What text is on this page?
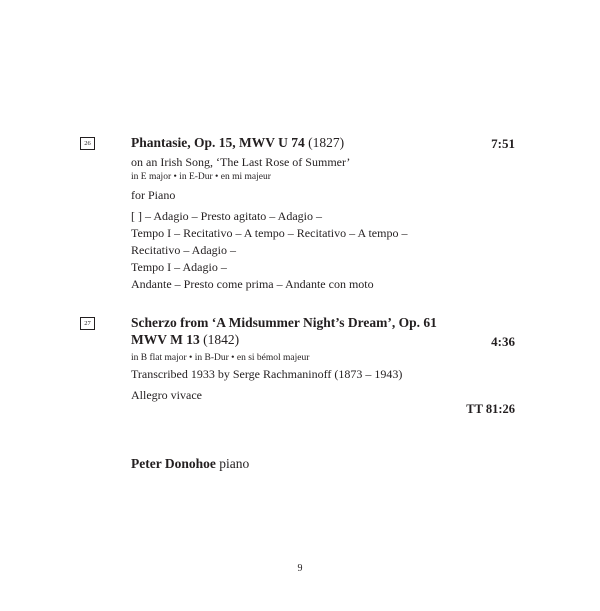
26	Phantasie, Op. 15, MWV U 74 (1827)	7:51
on an Irish Song, ‘The Last Rose of Summer’
in E major • in E-Dur • en mi majeur
for Piano
[ ] – Adagio – Presto agitato – Adagio –
Tempo I – Recitativo – A tempo – Recitativo – A tempo –
Recitativo – Adagio –
Tempo I – Adagio –
Andante – Presto come prima – Andante con moto
27	Scherzo from ‘A Midsummer Night’s Dream’, Op. 61
MWV M 13 (1842)	4:36
in B flat major • in B-Dur • en si bémol majeur
Transcribed 1933 by Serge Rachmaninoff (1873 – 1943)
Allegro vivace
TT 81:26
Peter Donohoe piano
9
